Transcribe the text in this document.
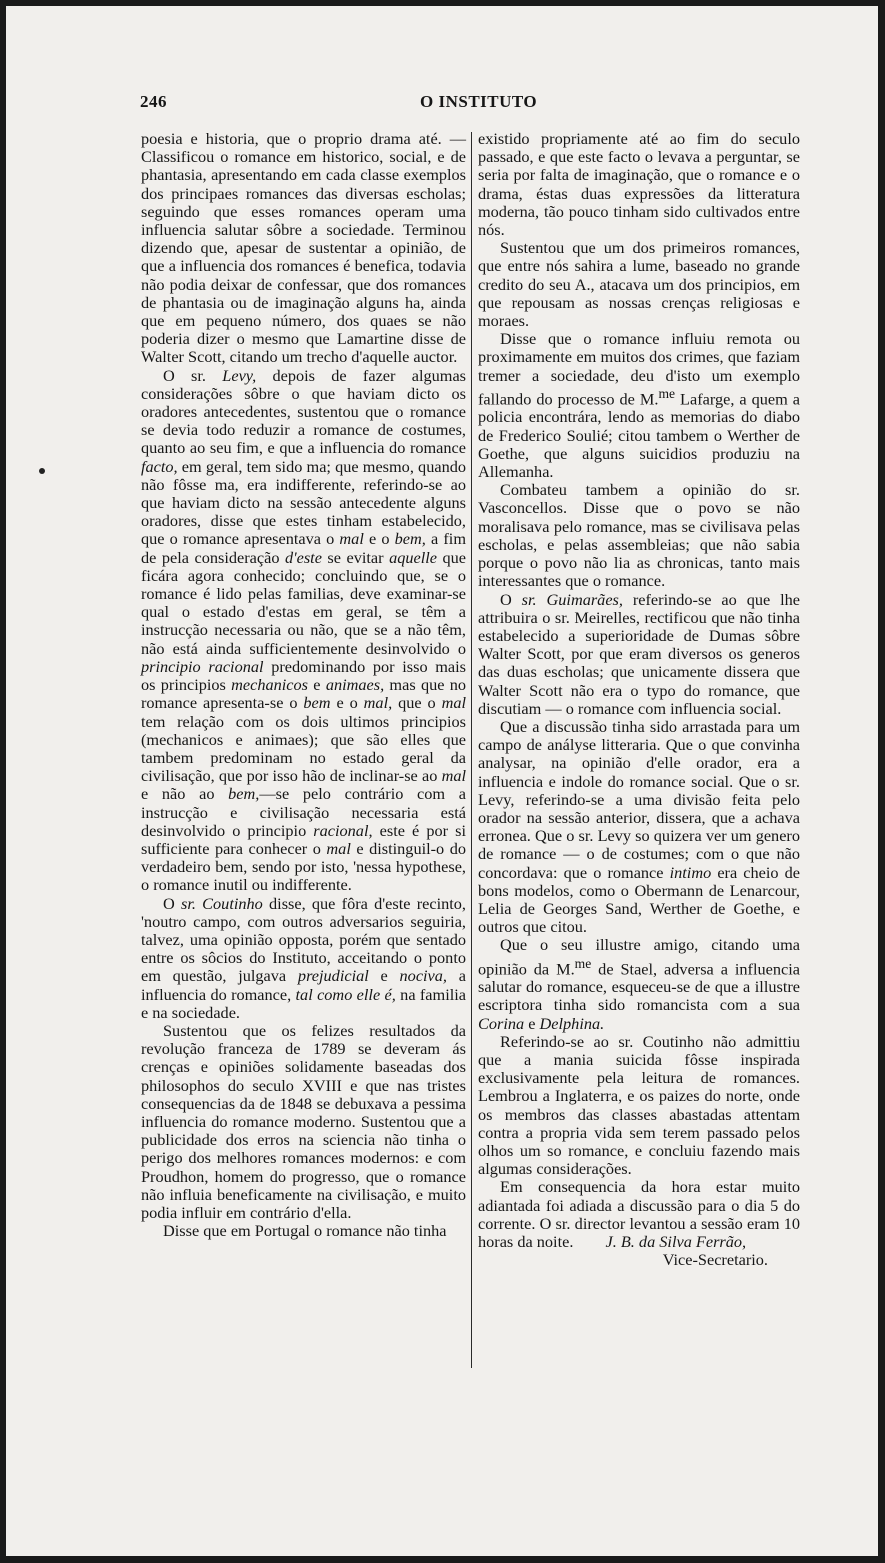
246	O INSTITUTO

poesia e historia, que o proprio drama até. — Classificou o romance em historico, social, e de phantasia, apresentando em cada classe exemplos dos principaes romances das diversas escholas; seguindo que esses romances operam uma influencia salutar sôbre a sociedade. Terminou dizendo que, apesar de sustentar a opinião, de que a influencia dos romances é benefica, todavia não podia deixar de confessar, que dos romances de phantasia ou de imaginação alguns ha, ainda que em pequeno número, dos quaes se não poderia dizer o mesmo que Lamartine disse de Walter Scott, citando um trecho d'aquelle auctor.

O sr. Levy, depois de fazer algumas considerações sôbre o que haviam dicto os oradores antecedentes, sustentou que o romance se devia todo reduzir a romance de costumes, quanto ao seu fim, e que a influencia do romance facto, em geral, tem sido ma; que mesmo, quando não fôsse ma, era indifferente, referindo-se ao que haviam dicto na sessão antecedente alguns oradores, disse que estes tinham estabelecido, que o romance apresentava o mal e o bem, a fim de pela consideração d'este se evitar aquelle que ficára agora conhecido; concluindo que, se o romance é lido pelas familias, deve examinar-se qual o estado d'estas em geral, se têm a instrucção necessaria ou não, que se a não têm, não está ainda sufficientemente desinvolvido o principio racional predominando por isso mais os principios mechanicos e animaes, mas que no romance apresenta-se o bem e o mal, que o mal tem relação com os dois ultimos principios (mechanicos e animaes); que são elles que tambem predominam no estado geral da civilisação, que por isso hão de inclinar-se ao mal e não ao bem,—se pelo contrário com a instrucção e civilisação necessaria está desinvolvido o principio racional, este é por si sufficiente para conhecer o mal e distinguil-o do verdadeiro bem, sendo por isto, 'nessa hypothese, o romance inutil ou indifferente.

O sr. Coutinho disse, que fôra d'este recinto, 'noutro campo, com outros adversarios seguiria, talvez, uma opinião opposta, porém que sentado entre os sôcios do Instituto, acceitando o ponto em questão, julgava prejudicial e nociva, a influencia do romance, tal como elle é, na familia e na sociedade.

Sustentou que os felizes resultados da revolução franceza de 1789 se deveram ás crenças e opiniões solidamente baseadas dos philosophos do seculo XVIII e que nas tristes consequencias da de 1848 se debuxava a pessima influencia do romance moderno. Sustentou que a publicidade dos erros na sciencia não tinha o perigo dos melhores romances modernos: e com Proudhon, homem do progresso, que o romance não influia beneficamente na civilisação, e muito podia influir em contrário d'ella.

Disse que em Portugal o romance não tinha

existido propriamente até ao fim do seculo passado, e que este facto o levava a perguntar, se seria por falta de imaginação, que o romance e o drama, éstas duas expressões da litteratura moderna, tão pouco tinham sido cultivados entre nós.

Sustentou que um dos primeiros romances, que entre nós sahira a lume, baseado no grande credito do seu A., atacava um dos principios, em que repousam as nossas crenças religiosas e moraes.

Disse que o romance influiu remota ou proximamente em muitos dos crimes, que faziam tremer a sociedade, deu d'isto um exemplo fallando do processo de M.$^{me}$ Lafarge, a quem a policia encontrára, lendo as memorias do diabo de Frederico Soulié; citou tambem o Werther de Goethe, que alguns suicidios produziu na Allemanha.

Combateu tambem a opinião do sr. Vasconcellos. Disse que o povo se não moralisava pelo romance, mas se civilisava pelas escholas, e pelas assembleias; que não sabia porque o povo não lia as chronicas, tanto mais interessantes que o romance.

O sr. Guimarães, referindo-se ao que lhe attribuira o sr. Meirelles, rectificou que não tinha estabelecido a superioridade de Dumas sôbre Walter Scott, por que eram diversos os generos das duas escholas; que unicamente dissera que Walter Scott não era o typo do romance, que discutiam — o romance com influencia social.

Que a discussão tinha sido arrastada para um campo de anályse litteraria. Que o que convinha analysar, na opinião d'elle orador, era a influencia e indole do romance social. Que o sr. Levy, referindo-se a uma divisão feita pelo orador na sessão anterior, dissera, que a achava erronea. Que o sr. Levy so quizera ver um genero de romance — o de costumes; com o que não concordava: que o romance intimo era cheio de bons modelos, como o Obermann de Lenarcour, Lelia de Georges Sand, Werther de Goethe, e outros que citou.

Que o seu illustre amigo, citando uma opinião da M.$^{me}$ de Stael, adversa a influencia salutar do romance, esqueceu-se de que a illustre escriptora tinha sido romancista com a sua Corina e Delphina.

Referindo-se ao sr. Coutinho não admittiu que a mania suicida fôsse inspirada exclusivamente pela leitura de romances. Lembrou a Inglaterra, e os paizes do norte, onde os membros das classes abastadas attentam contra a propria vida sem terem passado pelos olhos um so romance, e concluiu fazendo mais algumas considerações.

Em consequencia da hora estar muito adiantada foi adiada a discussão para o dia 5 do corrente. O sr. director levantou a sessão eram 10 horas da noite. J. B. da Silva Ferrão,

Vice-Secretario.
